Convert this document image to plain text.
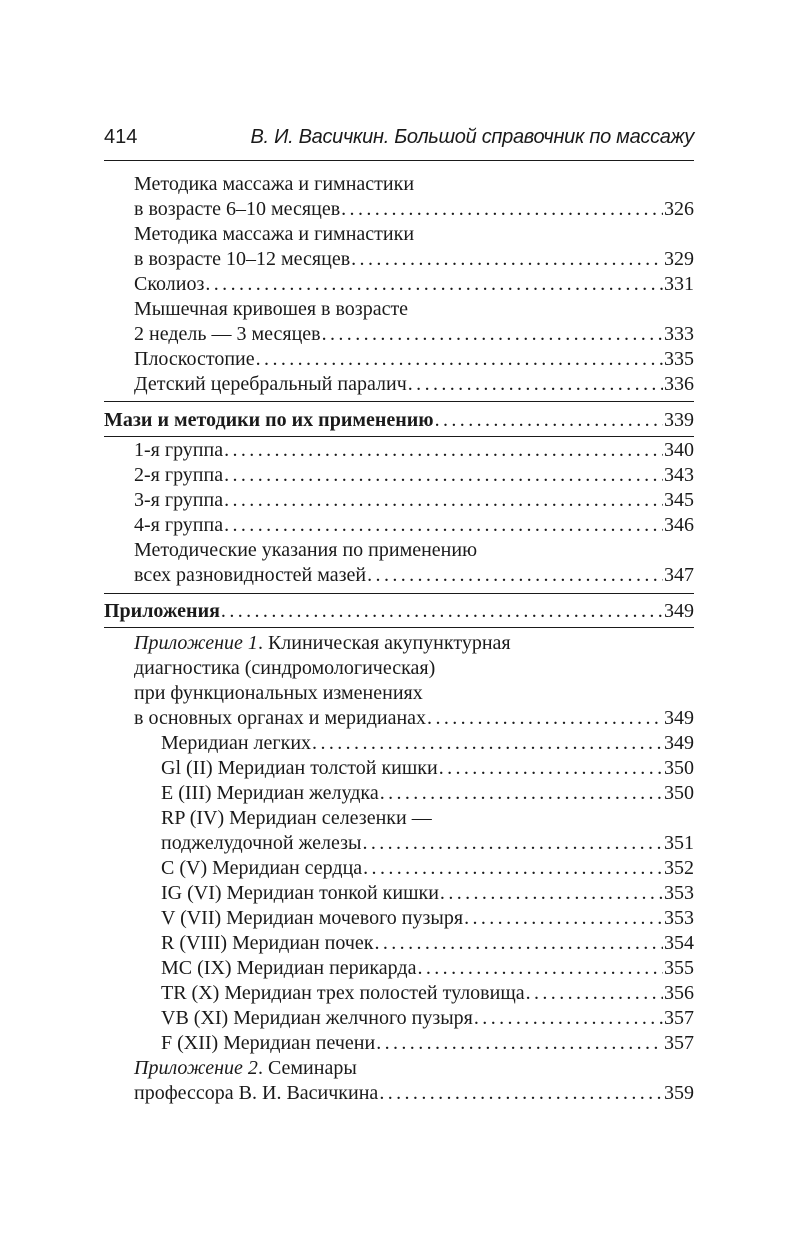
414	В. И. Васичкин. Большой справочник по массажу
Методика массажа и гимнастики
в возрасте 6–10 месяцев . . .	326
Методика массажа и гимнастики
в возрасте 10–12 месяцев . . .	329
Сколиоз . . .	331
Мышечная кривошея в возрасте
2 недель — 3 месяцев . . .	333
Плоскостопие . . .	335
Детский церебральный паралич . . .	336
Мази и методики по их применению . . .	339
1-я группа . . .	340
2-я группа . . .	343
3-я группа . . .	345
4-я группа . . .	346
Методические указания по применению
всех разновидностей мазей . . .	347
Приложения . . .	349
Приложение 1. Клиническая акупунктурная
диагностика (синдромологическая)
при функциональных изменениях
в основных органах и меридианах . . .	349
Меридиан легких . . .	349
Gl (II) Меридиан толстой кишки . . .	350
E (III) Меридиан желудка . . .	350
RP (IV) Меридиан селезенки —
поджелудочной железы . . .	351
C (V) Меридиан сердца . . .	352
IG (VI) Меридиан тонкой кишки . . .	353
V (VII) Меридиан мочевого пузыря . . .	353
R (VIII) Меридиан почек . . .	354
MC (IX) Меридиан перикарда . . .	355
TR (X) Меридиан трех полостей туловища . . .	356
VB (XI) Меридиан желчного пузыря . . .	357
F (XII) Меридиан печени . . .	357
Приложение 2. Семинары
профессора В. И. Васичкина . . .	359
